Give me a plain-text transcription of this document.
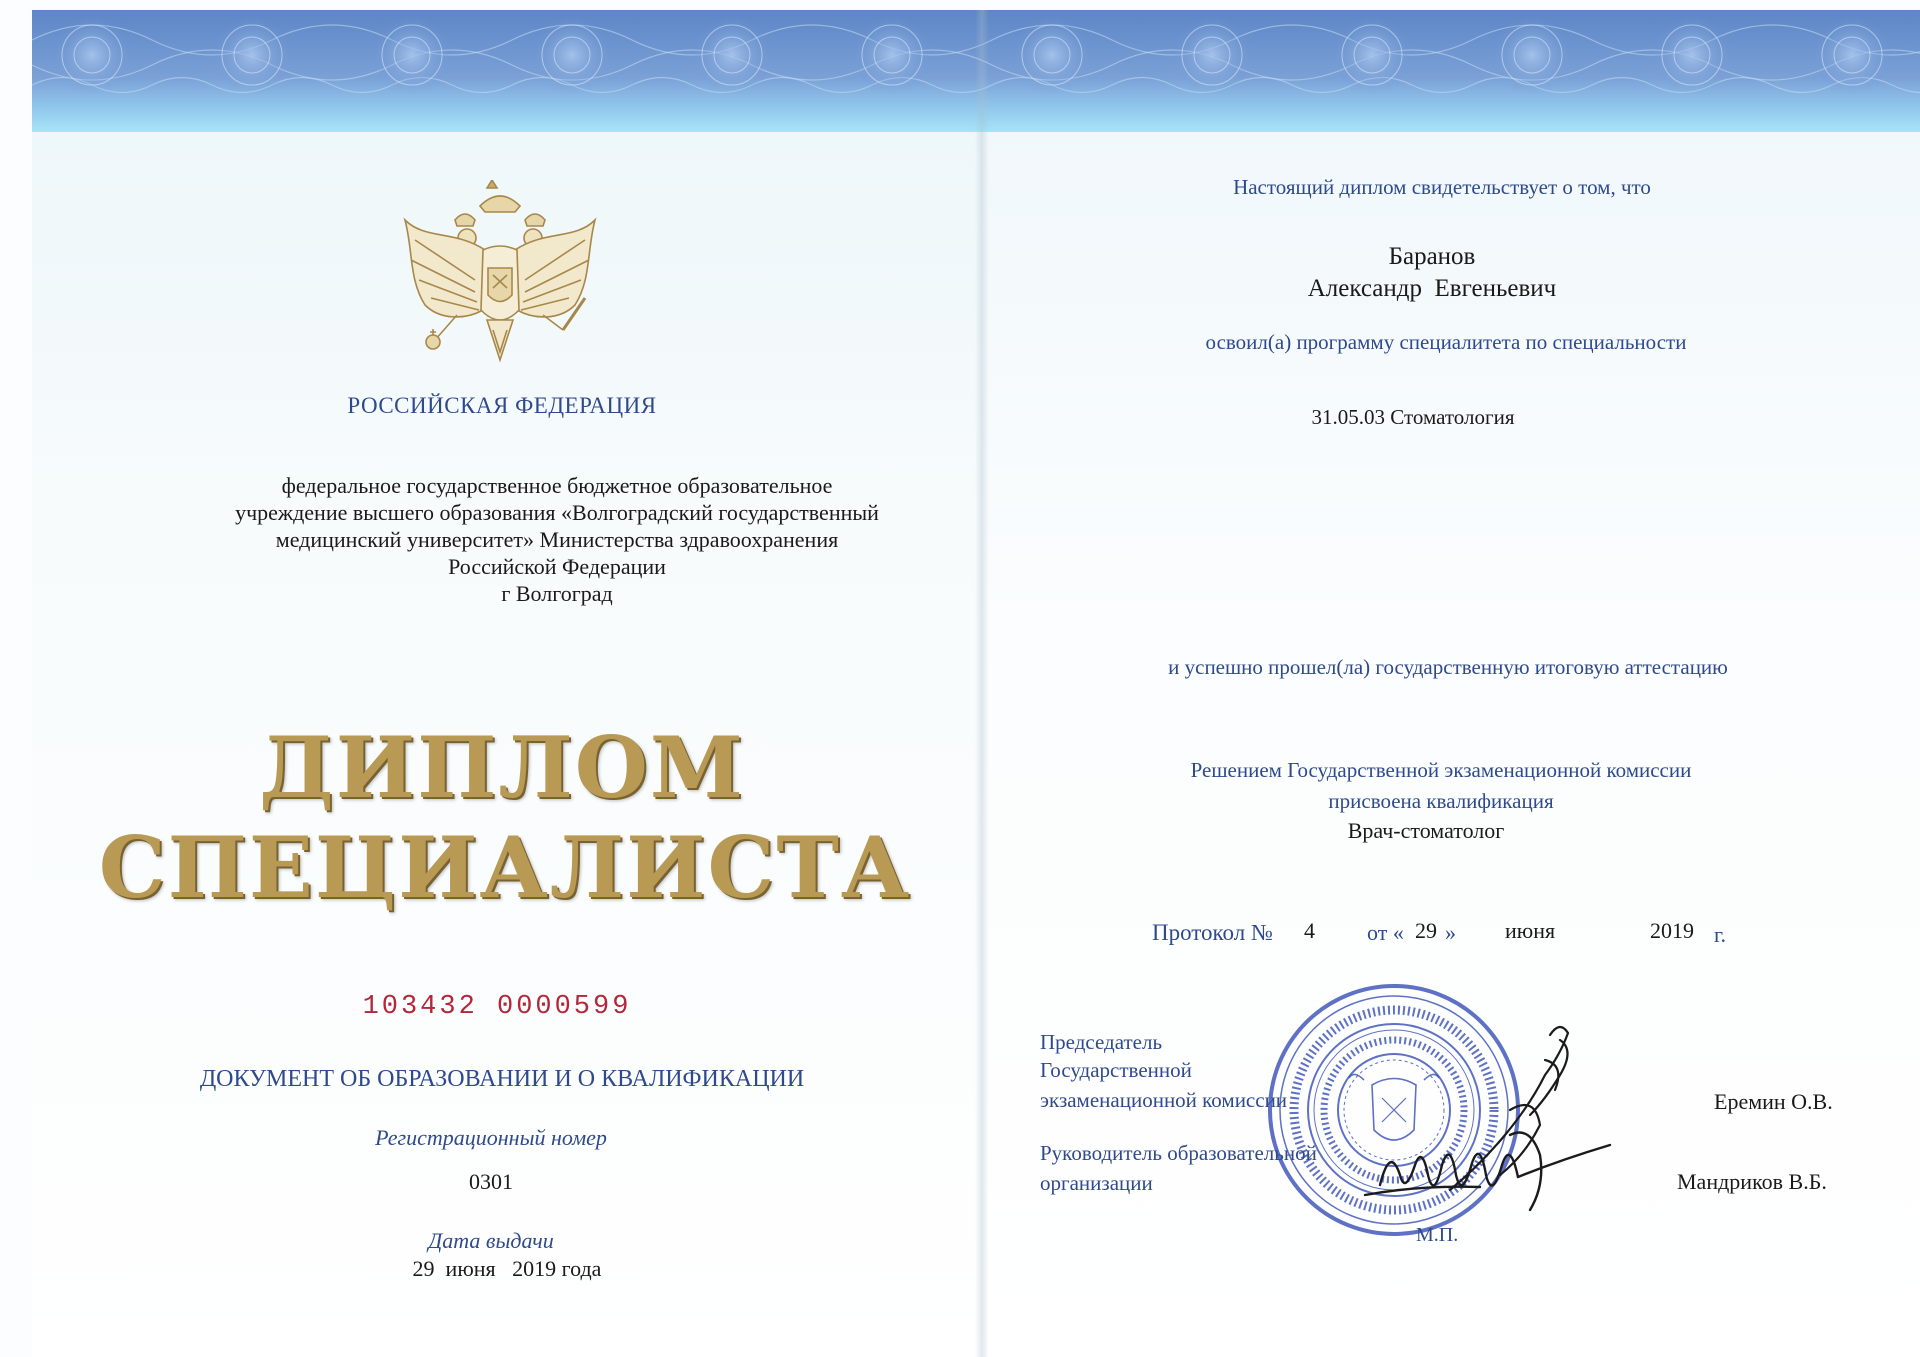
РОССИЙСКАЯ ФЕДЕРАЦИЯ
федеральное государственное бюджетное образовательное
учреждение высшего образования «Волгоградский государственный
медицинский университет» Министерства здравоохранения
Российской Федерации
г Волгоград
ДИПЛОМ
СПЕЦИАЛИСТА
103432 0000599
ДОКУМЕНТ ОБ ОБРАЗОВАНИИ И О КВАЛИФИКАЦИИ
Регистрационный номер
0301
Дата выдачи
29  июня   2019 года
Настоящий диплом свидетельствует о том, что
Баранов
Александр  Евгеньевич
освоил(а) программу специалитета по специальности
31.05.03 Стоматология
и успешно прошел(ла) государственную итоговую аттестацию
Решением Государственной экзаменационной комиссии
присвоена квалификация
Врач-стоматолог
Протокол № 4 от « 29 » июня	2019 г.
Председатель
Государственной
экзаменационной комиссии	Еремин О.В.
Руководитель образовательной
организации	Мандриков В.Б.
М.П.
